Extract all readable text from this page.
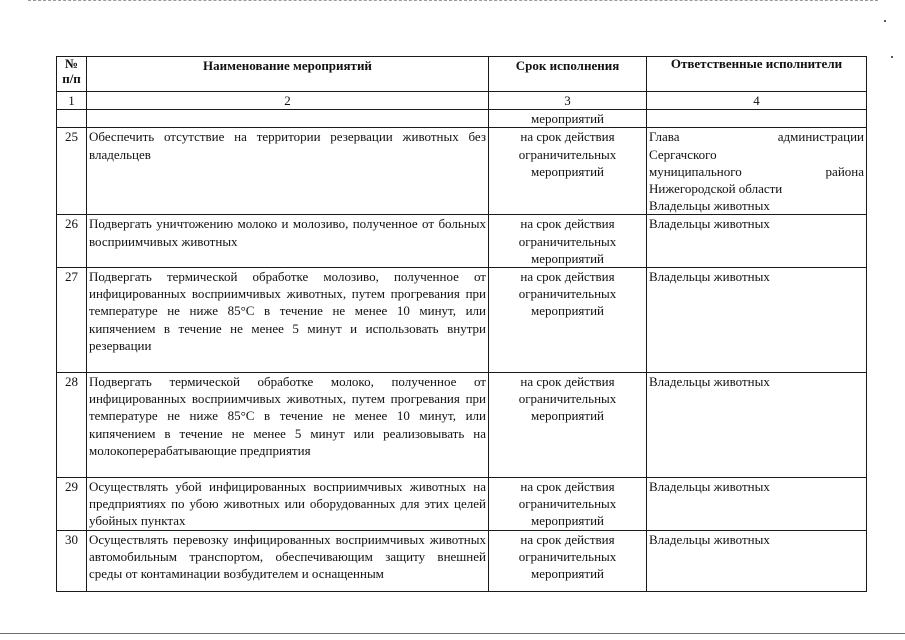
№ п/п	Наименование мероприятий	Срок исполнения	Ответственные исполнители
1	2	3	4
		мероприятий	
25	Обеспечить отсутствие на территории резервации животных без владельцев	на срок действия ограничительных мероприятий	Глава администрации
Сергачского
муниципального района
Нижегородской области
Владельцы животных

26	Подвергать уничтожению молоко и молозиво, полученное от больных восприимчивых животных	на срок действия ограничительных мероприятий	Владельцы животных

27	Подвергать термической обработке молозиво, полученное от инфицированных восприимчивых животных, путем прогревания при температуре не ниже 85°С в течение не менее 10 минут, или кипячением в течение не менее 5 минут и использовать внутри резервации	на срок действия ограничительных мероприятий	Владельцы животных

28	Подвергать термической обработке молоко, полученное от инфицированных восприимчивых животных, путем прогревания при температуре не ниже 85°С в течение не менее 10 минут, или кипячением в течение не менее 5 минут или реализовывать на молокоперерабатывающие предприятия	на срок действия ограничительных мероприятий	Владельцы животных

29	Осуществлять убой инфицированных восприимчивых животных на предприятиях по убою животных или оборудованных для этих целей убойных пунктах	на срок действия ограничительных мероприятий	Владельцы животных

30	Осуществлять перевозку инфицированных восприимчивых животных автомобильным транспортом, обеспечивающим защиту внешней среды от контаминации возбудителем и оснащенным	на срок действия ограничительных мероприятий	Владельцы животных
